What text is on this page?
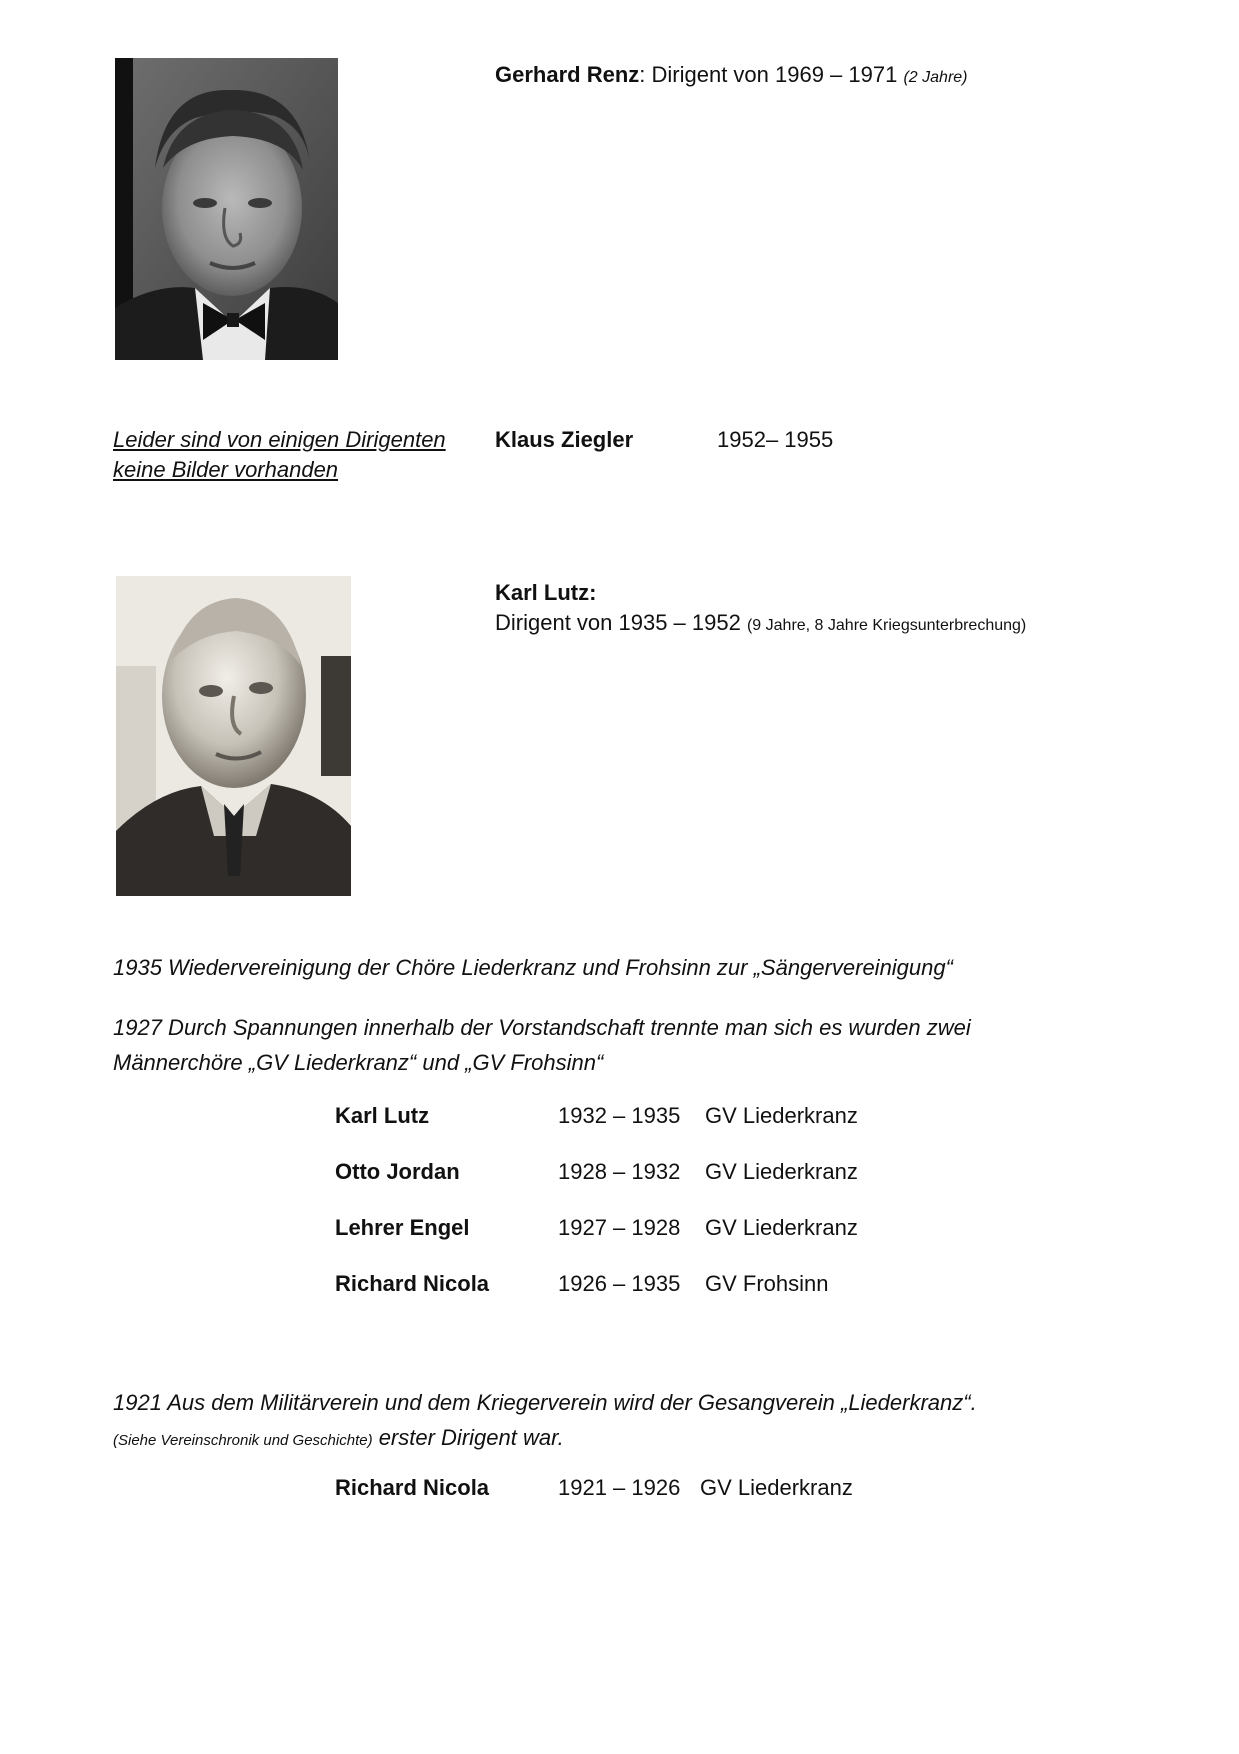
Gerhard Renz: Dirigent von 1969 – 1971 (2 Jahre)
Leider sind von einigen Dirigenten
keine Bilder vorhanden
Klaus Ziegler	1952– 1955
Karl Lutz:
Dirigent von 1935 – 1952 (9 Jahre, 8 Jahre Kriegsunterbrechung)
1935 Wiedervereinigung der Chöre Liederkranz und Frohsinn zur „Sängervereinigung“
1927 Durch Spannungen innerhalb der Vorstandschaft trennte man sich es wurden zwei
Männerchöre „GV Liederkranz“ und „GV Frohsinn“
Karl Lutz	1932 – 1935 GV Liederkranz
Otto Jordan	1928 – 1932 GV Liederkranz
Lehrer Engel	1927 – 1928 GV Liederkranz
Richard Nicola	1926 – 1935 GV Frohsinn
1921 Aus dem Militärverein und dem Kriegerverein wird der Gesangverein „Liederkranz“.
(Siehe Vereinschronik und Geschichte) erster Dirigent war.
Richard Nicola	1921 – 1926 GV Liederkranz
